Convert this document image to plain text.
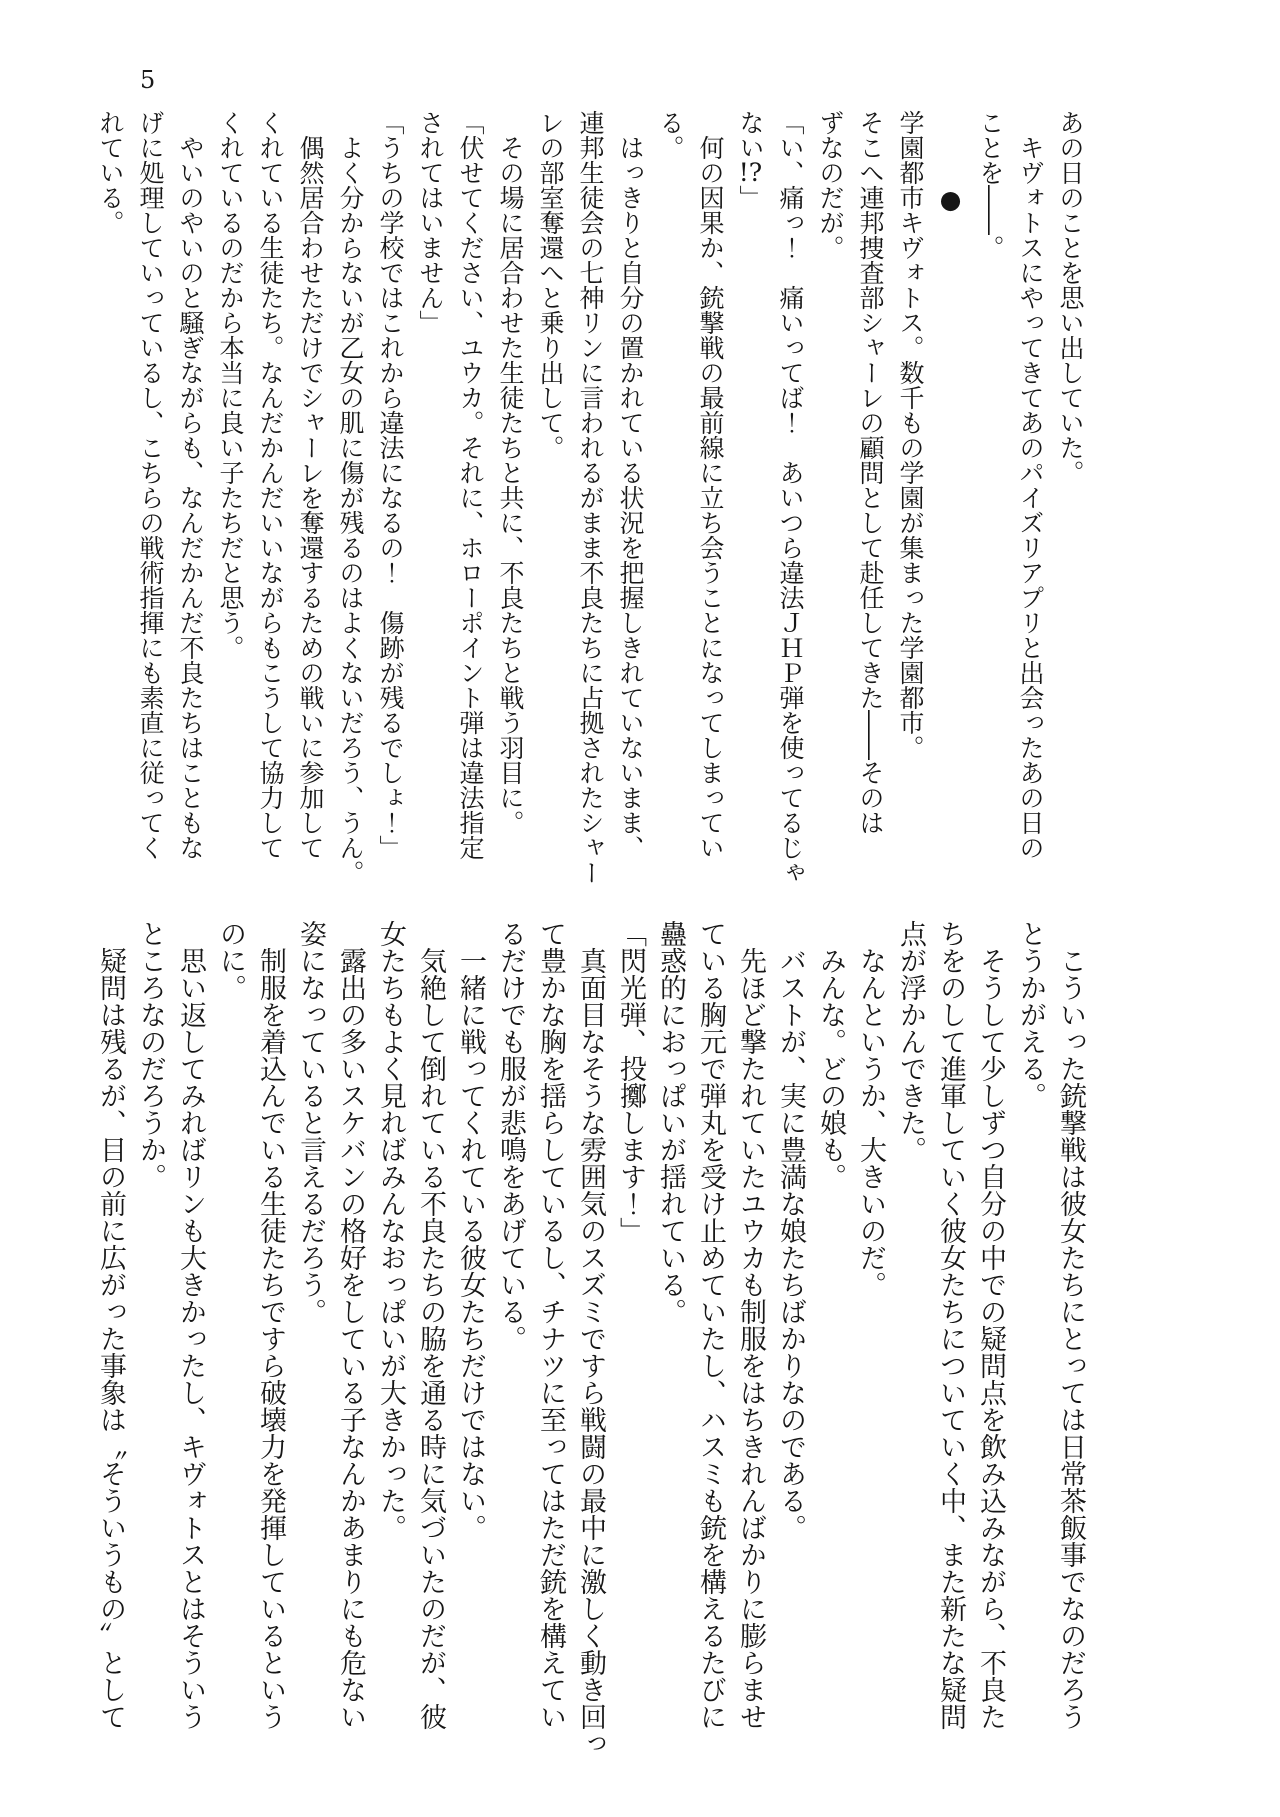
5

あの日のことを思い出していた。

　キヴォトスにやってきてあのパイズリアプリと出会ったあの日の

ことを――。

　　　●

学園都市キヴォトス。数千もの学園が集まった学園都市。

そこへ連邦捜査部シャーレの顧問として赴任してきた――そのは

ずなのだが。

「い、痛っ！　痛いってば！　あいつら違法ＪＨＰ弾を使ってるじゃ

ない!?」

　何の因果か、銃撃戦の最前線に立ち会うことになってしまってい

る。

　はっきりと自分の置かれている状況を把握しきれていないまま、

連邦生徒会の七神リンに言われるがまま不良たちに占拠されたシャー

レの部室奪還へと乗り出して。

　その場に居合わせた生徒たちと共に、不良たちと戦う羽目に。

「伏せてください、ユウカ。それに、ホローポイント弾は違法指定

されてはいません」

「うちの学校ではこれから違法になるの！　傷跡が残るでしょ！」

　よく分からないが乙女の肌に傷が残るのはよくないだろう、うん。

　偶然居合わせただけでシャーレを奪還するための戦いに参加して

くれている生徒たち。なんだかんだいいながらもこうして協力して

くれているのだから本当に良い子たちだと思う。

　やいのやいのと騒ぎながらも、なんだかんだ不良たちはこともな

げに処理していっているし、こちらの戦術指揮にも素直に従ってく

れている。

　こういった銃撃戦は彼女たちにとっては日常茶飯事でなのだろう

とうかがえる。

　そうして少しずつ自分の中での疑問点を飲み込みながら、不良た

ちをのして進軍していく彼女たちについていく中、また新たな疑問

点が浮かんできた。

　なんというか、大きいのだ。

　みんな。どの娘も。

　バストが、実に豊満な娘たちばかりなのである。

　先ほど撃たれていたユウカも制服をはちきれんばかりに膨らませ

ている胸元で弾丸を受け止めていたし、ハスミも銃を構えるたびに

蠱惑的におっぱいが揺れている。

「閃光弾、投擲します！」

　真面目なそうな雰囲気のスズミですら戦闘の最中に激しく動き回っ

て豊かな胸を揺らしているし、チナツに至ってはただ銃を構えてい

るだけでも服が悲鳴をあげている。

　一緒に戦ってくれている彼女たちだけではない。

　気絶して倒れている不良たちの脇を通る時に気づいたのだが、彼

女たちもよく見ればみんなおっぱいが大きかった。

　露出の多いスケバンの格好をしている子なんかあまりにも危ない

姿になっていると言えるだろう。

　制服を着込んでいる生徒たちですら破壊力を発揮しているという

のに。

　思い返してみればリンも大きかったし、キヴォトスとはそういう

ところなのだろうか。

　疑問は残るが、目の前に広がった事象は〝そういうもの〟として
